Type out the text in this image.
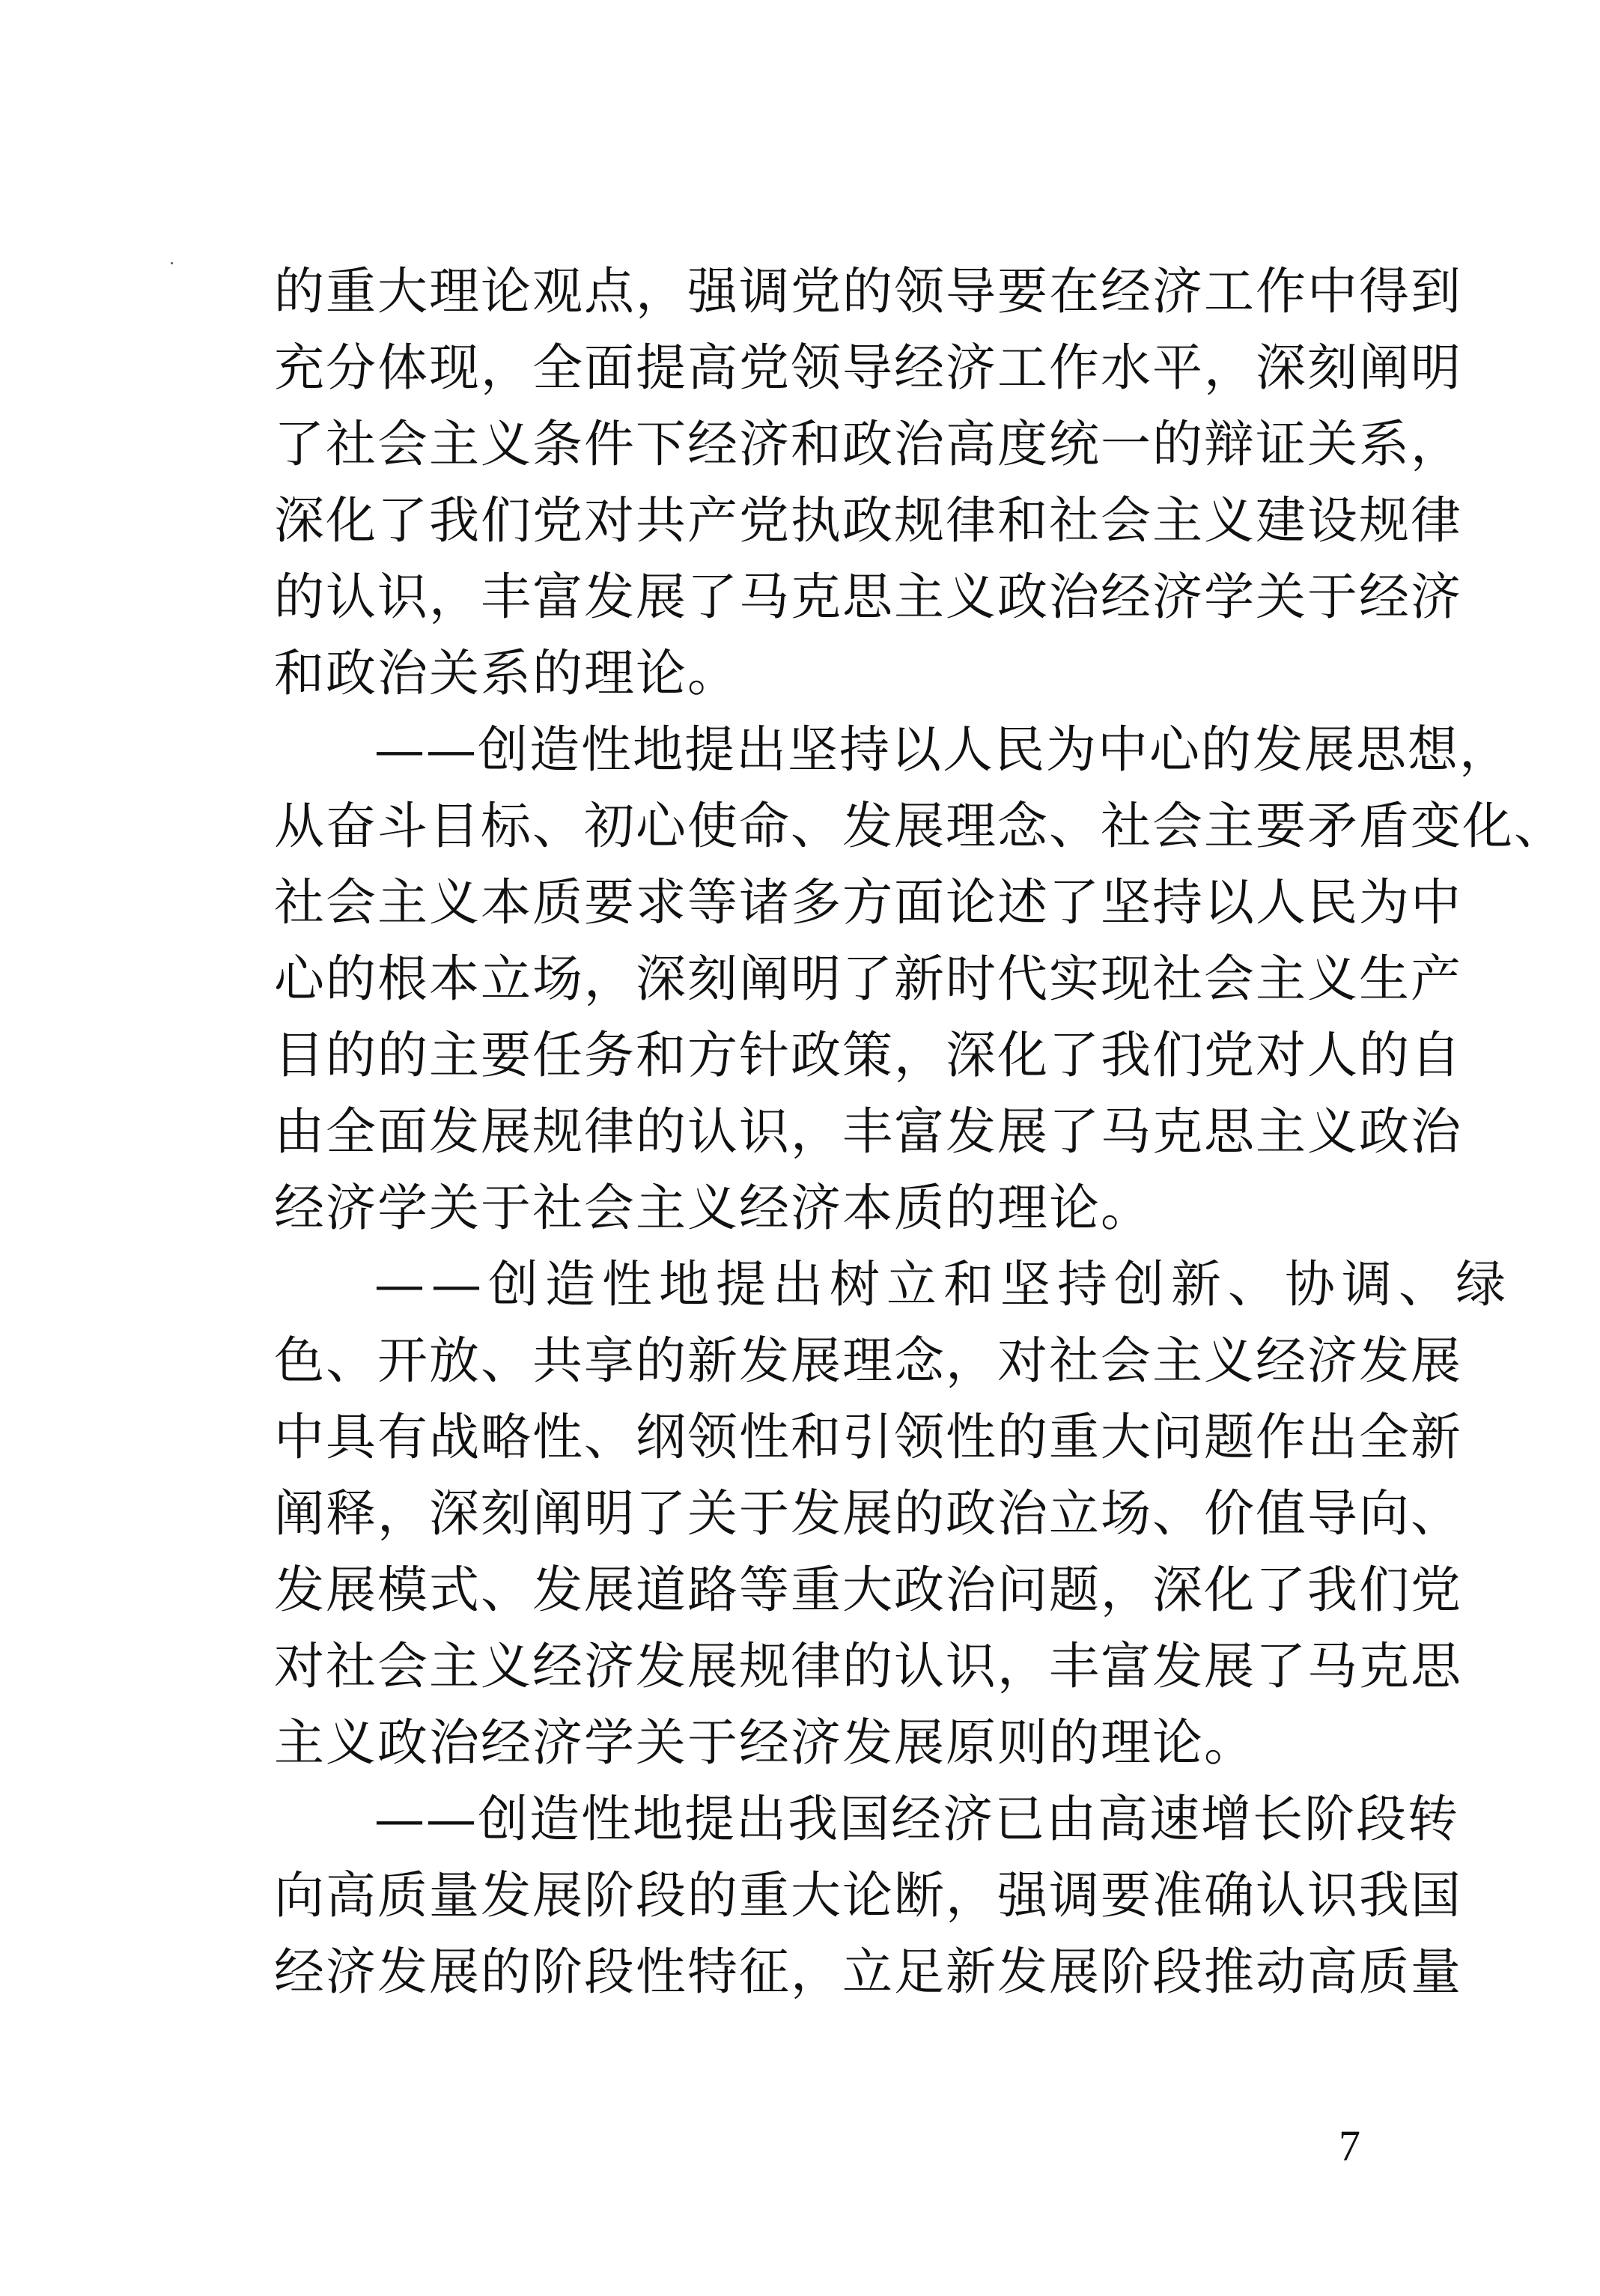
的重大理论观点，强调党的领导要在经济工作中得到
充分体现，全面提高党领导经济工作水平，深刻阐明
了社会主义条件下经济和政治高度统一的辩证关系，
深化了我们党对共产党执政规律和社会主义建设规律
的认识，丰富发展了马克思主义政治经济学关于经济
和政治关系的理论。
——创造性地提出坚持以人民为中心的发展思想，
从奋斗目标、初心使命、发展理念、社会主要矛盾变化、
社会主义本质要求等诸多方面论述了坚持以人民为中
心的根本立场，深刻阐明了新时代实现社会主义生产
目的的主要任务和方针政策，深化了我们党对人的自
由全面发展规律的认识，丰富发展了马克思主义政治
经济学关于社会主义经济本质的理论。
——创造性地提出树立和坚持创新、协调、绿
色、开放、共享的新发展理念，对社会主义经济发展
中具有战略性、纲领性和引领性的重大问题作出全新
阐释，深刻阐明了关于发展的政治立场、价值导向、
发展模式、发展道路等重大政治问题，深化了我们党
对社会主义经济发展规律的认识，丰富发展了马克思
主义政治经济学关于经济发展原则的理论。
——创造性地提出我国经济已由高速增长阶段转
向高质量发展阶段的重大论断，强调要准确认识我国
经济发展的阶段性特征，立足新发展阶段推动高质量
7
